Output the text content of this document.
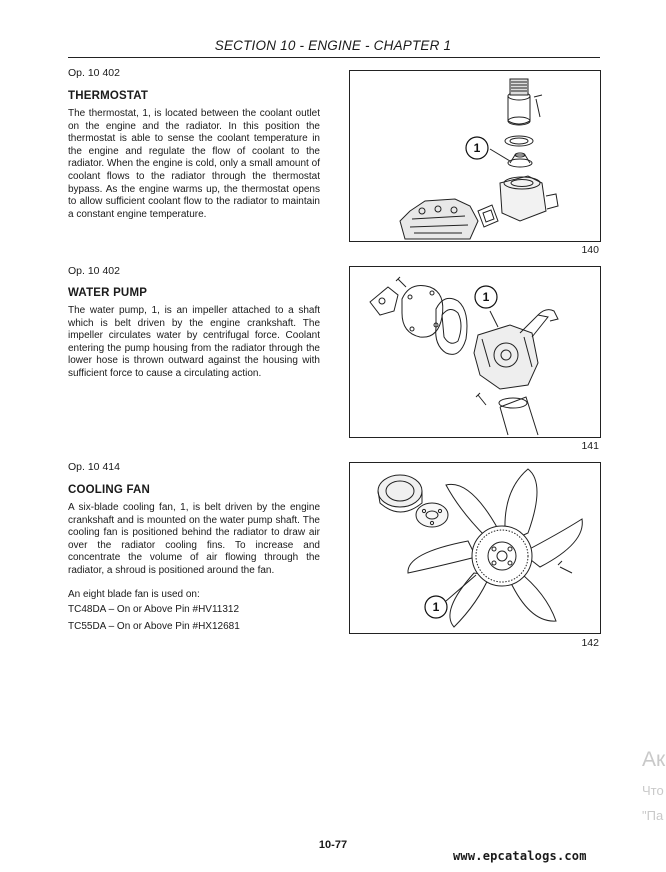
SECTION 10 - ENGINE - CHAPTER 1
Op. 10 402
THERMOSTAT
The thermostat, 1, is located between the coolant outlet on the engine and the radiator. In this position the thermostat is able to sense the coolant temperature in the engine and regulate the flow of coolant to the radiator. When the engine is cold, only a small amount of coolant flows to the radiator through the thermostat bypass. As the engine warms up, the thermostat opens to allow sufficient coolant flow to the radiator to maintain a constant engine temperature.
1
140
Op. 10 402
WATER PUMP
The water pump, 1, is an impeller attached to a shaft which is belt driven by the engine crankshaft. The impeller circulates water by centrifugal force. Coolant entering the pump housing from the radiator through the lower hose is thrown outward against the housing with sufficient force to cause a circulating action.
1
141
Op. 10 414
COOLING FAN
A six-blade cooling fan, 1, is belt driven by the engine crankshaft and is mounted on the water pump shaft. The cooling fan is positioned behind the radiator to draw air over the radiator cooling fins. To increase and concentrate the volume of air flowing through the radiator, a shroud is positioned around the fan.
An eight blade fan is used on:
TC48DA – On or Above Pin #HV11312
TC55DA – On or Above Pin #HX12681
1
142
Ак
Что
"Па
10-77
www.epcatalogs.com
